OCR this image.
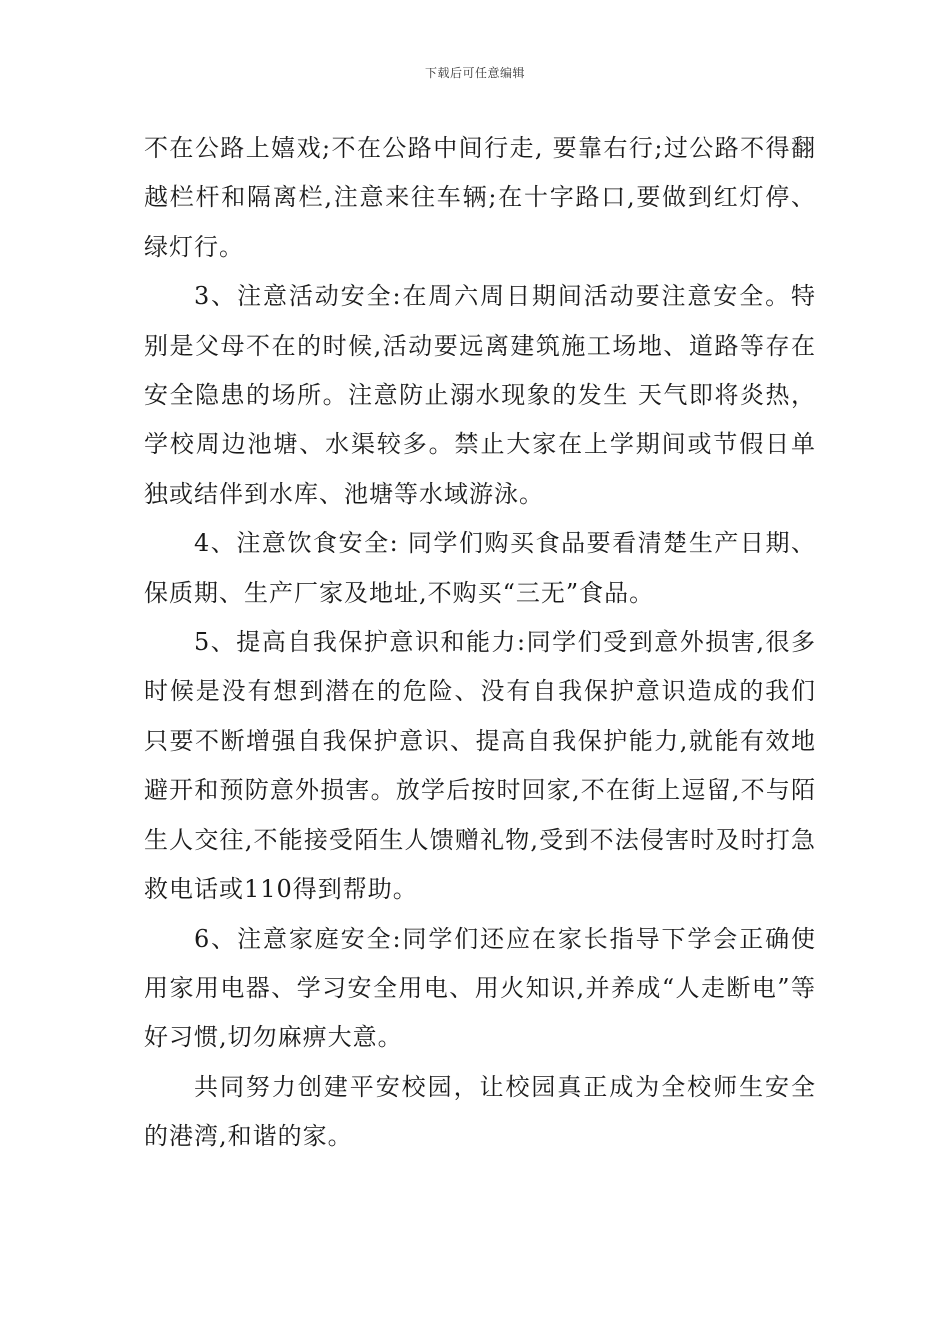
下载后可任意编辑

不在公路上嬉戏;不在公路中间行走, 要靠右行;过公路不得翻越栏杆和隔离栏,注意来往车辆;在十字路口,要做到红灯停、绿灯行。

3、注意活动安全:在周六周日期间活动要注意安全。特别是父母不在的时候,活动要远离建筑施工场地、道路等存在安全隐患的场所。注意防止溺水现象的发生 天气即将炎热，学校周边池塘、水渠较多。禁止大家在上学期间或节假日单独或结伴到水库、池塘等水域游泳。

4、注意饮食安全: 同学们购买食品要看清楚生产日期、保质期、生产厂家及地址,不购买“三无”食品。

5、提高自我保护意识和能力:同学们受到意外损害,很多时候是没有想到潜在的危险、没有自我保护意识造成的我们只要不断增强自我保护意识、提高自我保护能力,就能有效地避开和预防意外损害。放学后按时回家,不在街上逗留,不与陌生人交往,不能接受陌生人馈赠礼物,受到不法侵害时及时打急救电话或110得到帮助。

6、注意家庭安全:同学们还应在家长指导下学会正确使用家用电器、学习安全用电、用火知识,并养成“人走断电”等好习惯,切勿麻痹大意。

共同努力创建平安校园，让校园真正成为全校师生安全的港湾,和谐的家。
